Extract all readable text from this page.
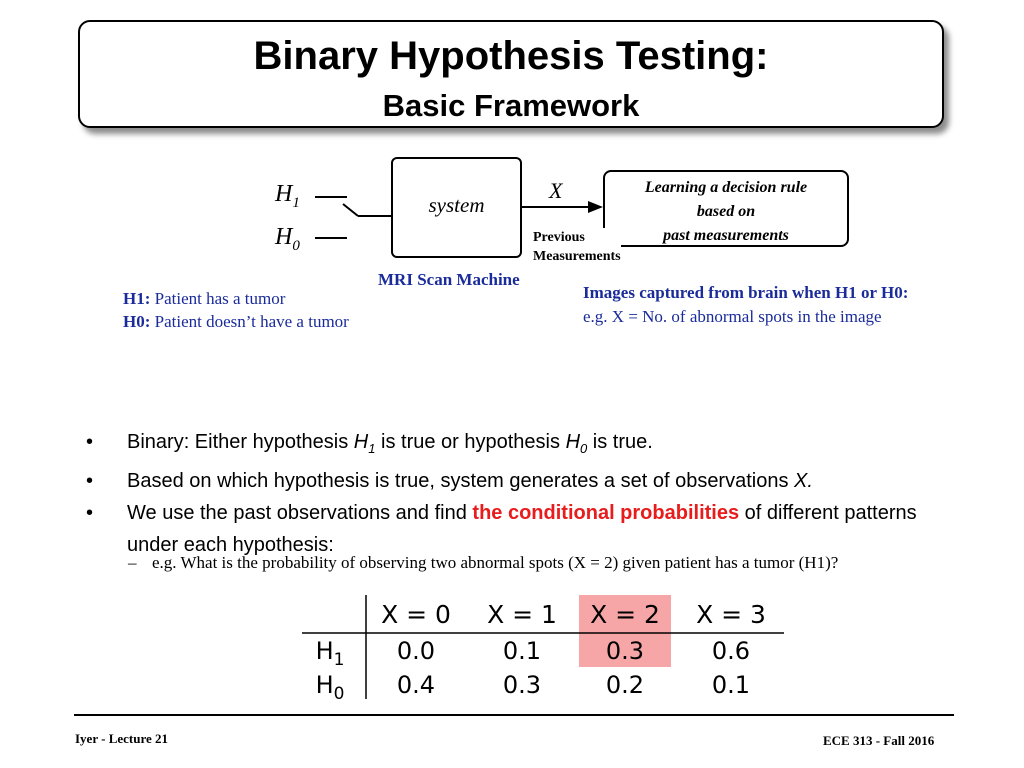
Binary Hypothesis Testing:
Basic Framework
$H_1$
$H_0$
system
X	Learning a decision rule
based on
past measurements
Previous
Measurements
MRI Scan Machine
H1: Patient has a tumor
H0: Patient doesn’t have a tumor
Images captured from brain when H1 or H0:
e.g. X = No. of abnormal spots in the image
• Binary: Either hypothesis $H_1$ is true or hypothesis $H_0$ is true.
• Based on which hypothesis is true, system generates a set of observations X.
• We use the past observations and find the conditional probabilities of different patterns under each hypothesis:
– e.g. What is the probability of observing two abnormal spots (X = 2) given patient has a tumor (H1)?
X = 0 X = 1 X = 2 X = 3
$H_1$ 0.0	0.1	0.3	0.6
$H_0$ 0.4	0.3	0.2	0.1
Iyer - Lecture 21	ECE 313 - Fall 2016
